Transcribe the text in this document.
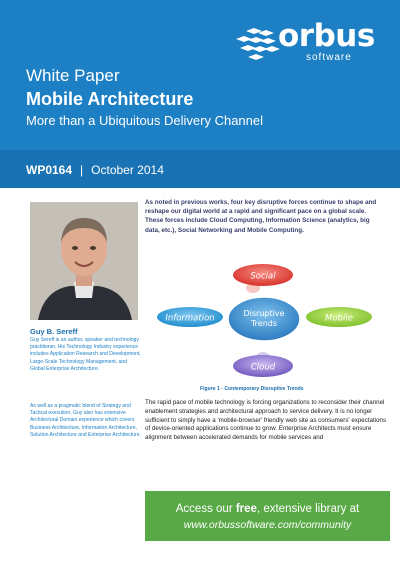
orbus
software
White Paper
Mobile Architecture
More than a Ubiquitous Delivery Channel
WP0164 | October 2014
Guy B. Sereff

Guy Sereff is an author, speaker and technology practitioner. His Technology Industry experience includes Application Research and Development, Large-Scale Technology Management, and Global Enterprise Architecture.

As well as a pragmatic blend of Strategy and Tactical execution, Guy also has extensive Architectural Domain experience which covers Business Architecture, Information Architecture, Solution Architecture and Enterprise Architecture.

As noted in previous works, four key disruptive forces continue to shape and reshape our digital world at a rapid and significant pace on a global scale. These forces include Cloud Computing, Information Science (analytics, big data, etc.), Social Networking and Mobile Computing.

Social
Information	Mobile
Cloud
Disruptive
Trends
Figure 1 - Contemporary Disruptive Trends

The rapid pace of mobile technology is forcing organizations to reconsider their channel enablement strategies and architectural approach to service delivery. It is no longer sufficient to simply have a 'mobile-browser' friendly web site as consumers' expectations of device-oriented applications continue to grow. Enterprise Architects must ensure alignment between accelerated demands for mobile services and

Access our free, extensive library at
www.orbussoftware.com/community
